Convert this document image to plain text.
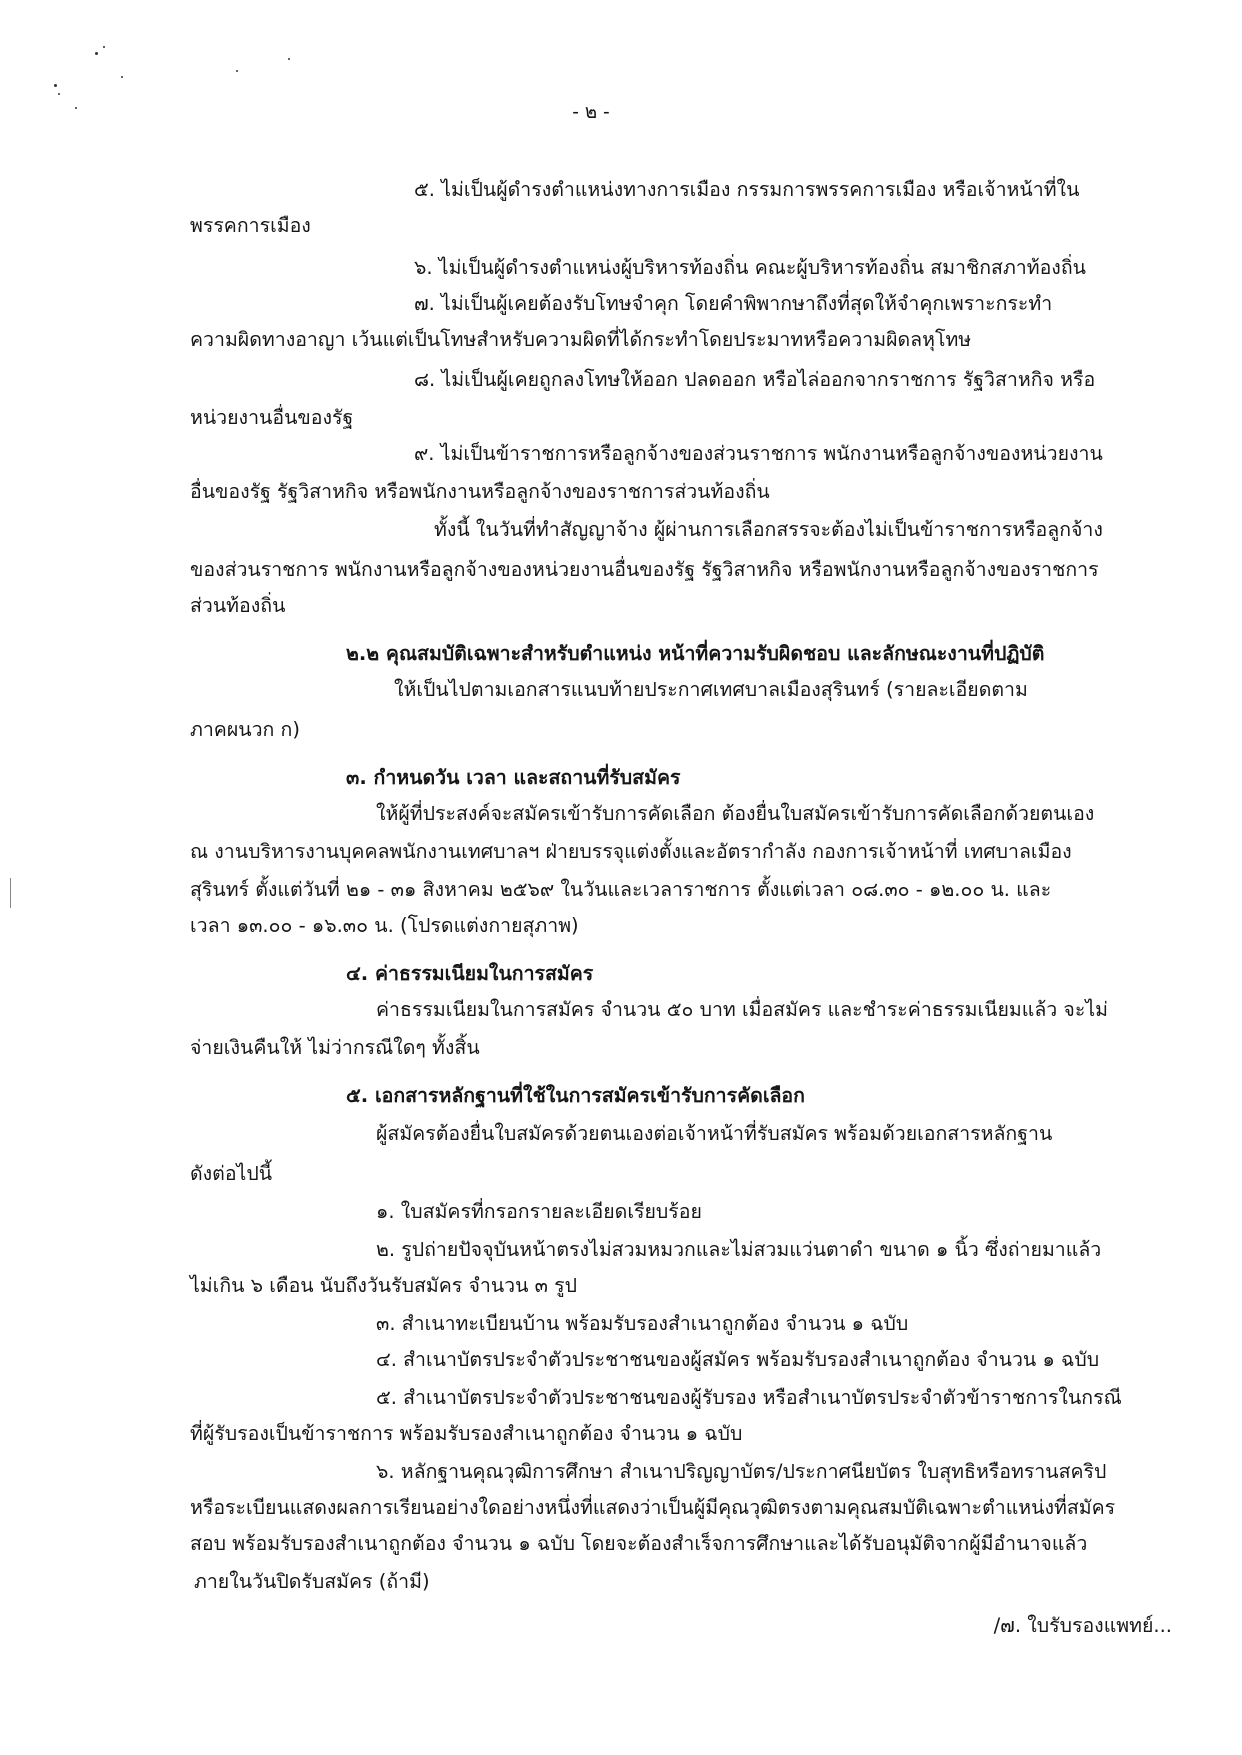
- ๒ -
๕. ไม่เป็นผู้ดำรงตำแหน่งทางการเมือง กรรมการพรรคการเมือง หรือเจ้าหน้าที่ใน
พรรคการเมือง
๖. ไม่เป็นผู้ดำรงตำแหน่งผู้บริหารท้องถิ่น คณะผู้บริหารท้องถิ่น สมาชิกสภาท้องถิ่น
๗. ไม่เป็นผู้เคยต้องรับโทษจำคุก โดยคำพิพากษาถึงที่สุดให้จำคุกเพราะกระทำ
ความผิดทางอาญา เว้นแต่เป็นโทษสำหรับความผิดที่ได้กระทำโดยประมาทหรือความผิดลหุโทษ
๘. ไม่เป็นผู้เคยถูกลงโทษให้ออก ปลดออก หรือไล่ออกจากราชการ รัฐวิสาหกิจ หรือ
หน่วยงานอื่นของรัฐ
๙. ไม่เป็นข้าราชการหรือลูกจ้างของส่วนราชการ พนักงานหรือลูกจ้างของหน่วยงาน
อื่นของรัฐ รัฐวิสาหกิจ หรือพนักงานหรือลูกจ้างของราชการส่วนท้องถิ่น
ทั้งนี้ ในวันที่ทำสัญญาจ้าง ผู้ผ่านการเลือกสรรจะต้องไม่เป็นข้าราชการหรือลูกจ้าง
ของส่วนราชการ พนักงานหรือลูกจ้างของหน่วยงานอื่นของรัฐ รัฐวิสาหกิจ หรือพนักงานหรือลูกจ้างของราชการ
ส่วนท้องถิ่น
๒.๒ คุณสมบัติเฉพาะสำหรับตำแหน่ง หน้าที่ความรับผิดชอบ และลักษณะงานที่ปฏิบัติ
ให้เป็นไปตามเอกสารแนบท้ายประกาศเทศบาลเมืองสุรินทร์ (รายละเอียดตาม
ภาคผนวก ก)
๓. กำหนดวัน เวลา และสถานที่รับสมัคร
ให้ผู้ที่ประสงค์จะสมัครเข้ารับการคัดเลือก ต้องยื่นใบสมัครเข้ารับการคัดเลือกด้วยตนเอง
ณ งานบริหารงานบุคคลพนักงานเทศบาลฯ ฝ่ายบรรจุแต่งตั้งและอัตรากำลัง กองการเจ้าหน้าที่ เทศบาลเมือง
สุรินทร์ ตั้งแต่วันที่ ๒๑ - ๓๑ สิงหาคม ๒๕๖๙ ในวันและเวลาราชการ ตั้งแต่เวลา ๐๘.๓๐ - ๑๒.๐๐ น. และ
เวลา ๑๓.๐๐ - ๑๖.๓๐ น. (โปรดแต่งกายสุภาพ)
๔. ค่าธรรมเนียมในการสมัคร
ค่าธรรมเนียมในการสมัคร จำนวน ๕๐ บาท เมื่อสมัคร และชำระค่าธรรมเนียมแล้ว จะไม่
จ่ายเงินคืนให้ ไม่ว่ากรณีใดๆ ทั้งสิ้น
๕. เอกสารหลักฐานที่ใช้ในการสมัครเข้ารับการคัดเลือก
ผู้สมัครต้องยื่นใบสมัครด้วยตนเองต่อเจ้าหน้าที่รับสมัคร พร้อมด้วยเอกสารหลักฐาน
ดังต่อไปนี้
๑. ใบสมัครที่กรอกรายละเอียดเรียบร้อย
๒. รูปถ่ายปัจจุบันหน้าตรงไม่สวมหมวกและไม่สวมแว่นตาดำ ขนาด ๑ นิ้ว ซึ่งถ่ายมาแล้ว
ไม่เกิน ๖ เดือน นับถึงวันรับสมัคร จำนวน ๓ รูป
๓. สำเนาทะเบียนบ้าน พร้อมรับรองสำเนาถูกต้อง จำนวน ๑ ฉบับ
๔. สำเนาบัตรประจำตัวประชาชนของผู้สมัคร พร้อมรับรองสำเนาถูกต้อง จำนวน ๑ ฉบับ
๕. สำเนาบัตรประจำตัวประชาชนของผู้รับรอง หรือสำเนาบัตรประจำตัวข้าราชการในกรณี
ที่ผู้รับรองเป็นข้าราชการ พร้อมรับรองสำเนาถูกต้อง จำนวน ๑ ฉบับ
๖. หลักฐานคุณวุฒิการศึกษา สำเนาปริญญาบัตร/ประกาศนียบัตร ใบสุทธิหรือทรานสคริป
หรือระเบียนแสดงผลการเรียนอย่างใดอย่างหนึ่งที่แสดงว่าเป็นผู้มีคุณวุฒิตรงตามคุณสมบัติเฉพาะตำแหน่งที่สมัคร
สอบ พร้อมรับรองสำเนาถูกต้อง จำนวน ๑ ฉบับ โดยจะต้องสำเร็จการศึกษาและได้รับอนุมัติจากผู้มีอำนาจแล้ว
ภายในวันปิดรับสมัคร (ถ้ามี)
/๗. ใบรับรองแพทย์...
